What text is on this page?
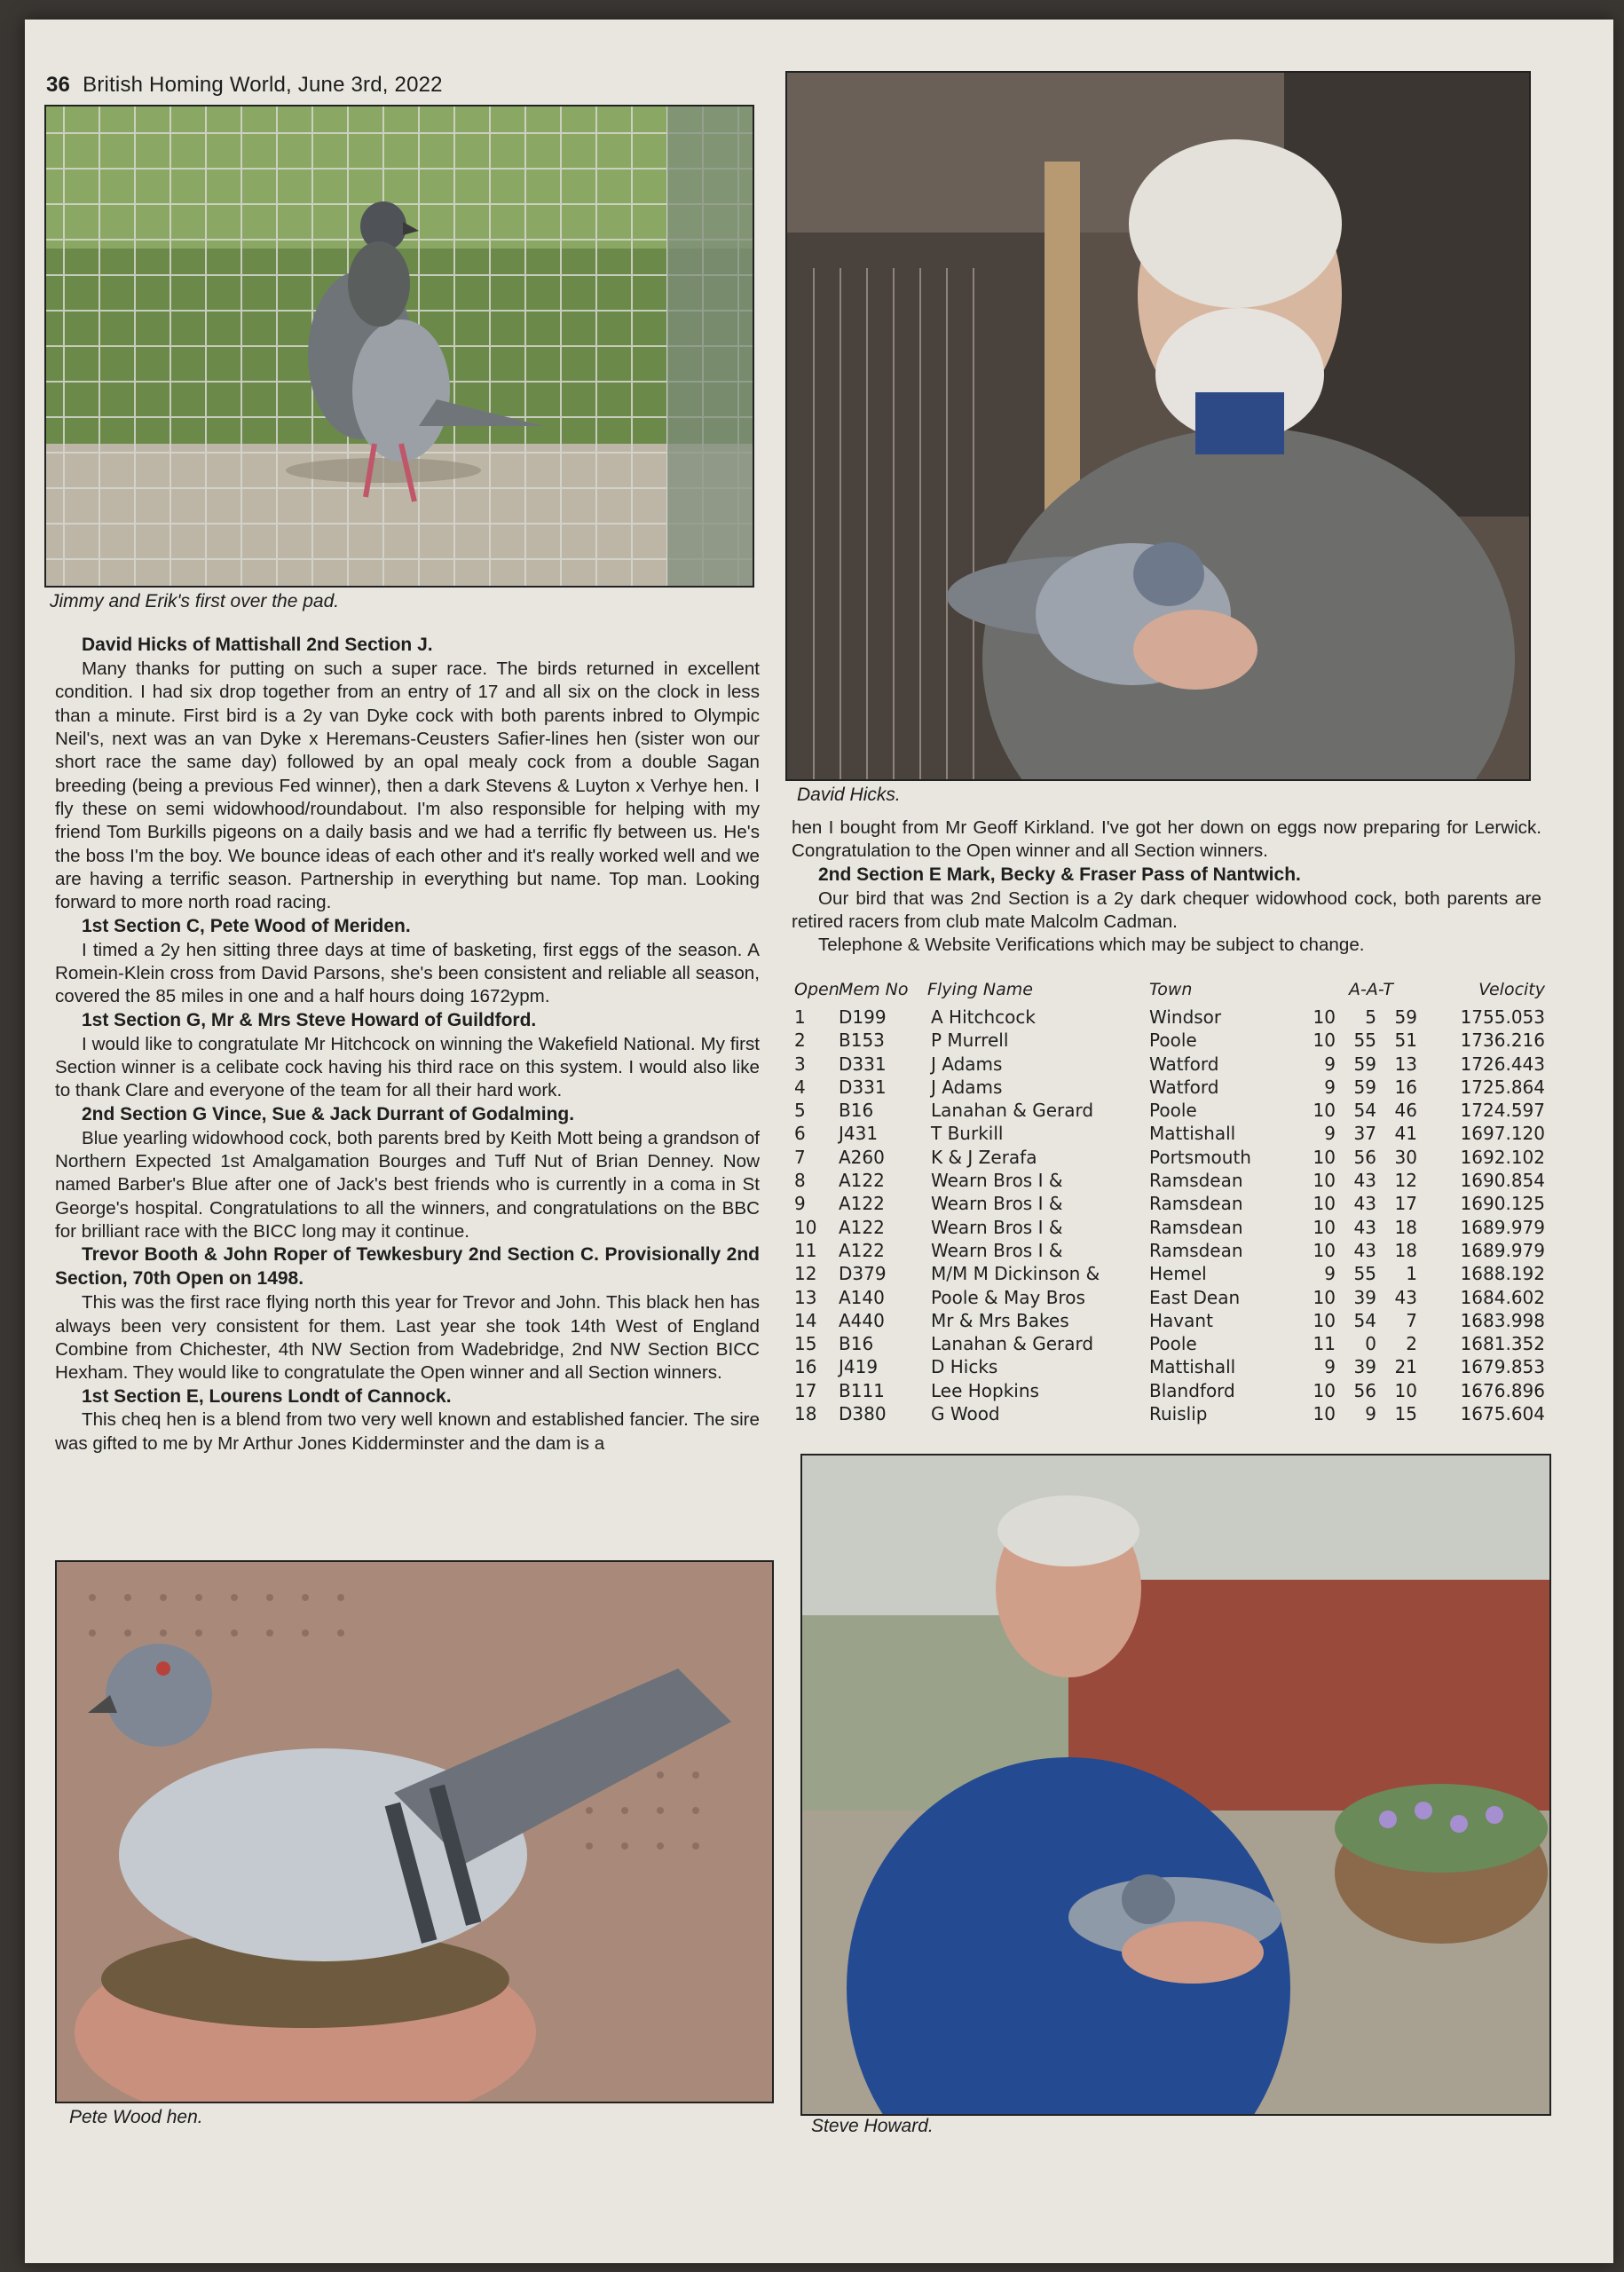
36 British Homing World, June 3rd, 2022
Jimmy and Erik's first over the pad.
David Hicks.
David Hicks of Mattishall 2nd Section J.

Many thanks for putting on such a super race. The birds returned in excellent condition. I had six drop together from an entry of 17 and all six on the clock in less than a minute. First bird is a 2y van Dyke cock with both parents inbred to Olympic Neil's, next was an van Dyke x Heremans-Ceusters Safier-lines hen (sister won our short race the same day) followed by an opal mealy cock from a double Sagan breeding (being a previous Fed winner), then a dark Stevens & Luyton x Verhye hen. I fly these on semi widowhood/roundabout. I'm also responsible for helping with my friend Tom Burkills pigeons on a daily basis and we had a terrific fly between us. He's the boss I'm the boy. We bounce ideas of each other and it's really worked well and we are having a terrific season. Partnership in everything but name. Top man. Looking forward to more north road racing.

1st Section C, Pete Wood of Meriden.

I timed a 2y hen sitting three days at time of basketing, first eggs of the season. A Romein-Klein cross from David Parsons, she's been consistent and reliable all season, covered the 85 miles in one and a half hours doing 1672ypm.

1st Section G, Mr & Mrs Steve Howard of Guildford.

I would like to congratulate Mr Hitchcock on winning the Wakefield National. My first Section winner is a celibate cock having his third race on this system. I would also like to thank Clare and everyone of the team for all their hard work.

2nd Section G Vince, Sue & Jack Durrant of Godalming.

Blue yearling widowhood cock, both parents bred by Keith Mott being a grandson of Northern Expected 1st Amalgamation Bourges and Tuff Nut of Brian Denney. Now named Barber's Blue after one of Jack's best friends who is currently in a coma in St George's hospital. Congratulations to all the winners, and congratulations on the BBC for brilliant race with the BICC long may it continue.

Trevor Booth & John Roper of Tewkesbury 2nd Section C. Provisionally 2nd Section, 70th Open on 1498.

This was the first race flying north this year for Trevor and John. This black hen has always been very consistent for them. Last year she took 14th West of England Combine from Chichester, 4th NW Section from Wadebridge, 2nd NW Section BICC Hexham. They would like to congratulate the Open winner and all Section winners.

1st Section E, Lourens Londt of Cannock.

This cheq hen is a blend from two very well known and established fancier. The sire was gifted to me by Mr Arthur Jones Kidderminster and the dam is a

hen I bought from Mr Geoff Kirkland. I've got her down on eggs now preparing for Lerwick. Congratulation to the Open winner and all Section winners.

2nd Section E Mark, Becky & Fraser Pass of Nantwich.

Our bird that was 2nd Section is a 2y dark chequer widowhood cock, both parents are retired racers from club mate Malcolm Cadman.

Telephone & Website Verifications which may be subject to change.

Open Mem No Flying Name	Town	A-A-T	Velocity
1 D199	A Hitchcock	Windsor	10	5	59	1755.053
2 B153	P Murrell	Poole	10	55	51	1736.216
3 D331	J Adams	Watford	9	59	13	1726.443
4 D331	J Adams	Watford	9	59	16	1725.864
5 B16	Lanahan & Gerard	Poole	10	54	46	1724.597
6 J431	T Burkill	Mattishall	9	37	41	1697.120
7 A260	K & J Zerafa	Portsmouth	10	56	30	1692.102
8 A122	Wearn Bros I &	Ramsdean	10	43	12	1690.854
9 A122	Wearn Bros I &	Ramsdean	10	43	17	1690.125
10 A122	Wearn Bros I &	Ramsdean	10	43	18	1689.979
11 A122	Wearn Bros I &	Ramsdean	10	43	18	1689.979
12 D379	M/M M Dickinson &	Hemel	9	55	1	1688.192
13 A140	Poole & May Bros	East Dean	10	39	43	1684.602
14 A440	Mr & Mrs Bakes	Havant	10	54	7	1683.998
15 B16	Lanahan & Gerard	Poole	11	0	2	1681.352
16 J419	D Hicks	Mattishall	9	39	21	1679.853
17 B111	Lee Hopkins	Blandford	10	56	10	1676.896
18 D380	G Wood	Ruislip	10	9	15	1675.604
Pete Wood hen.	Steve Howard.
